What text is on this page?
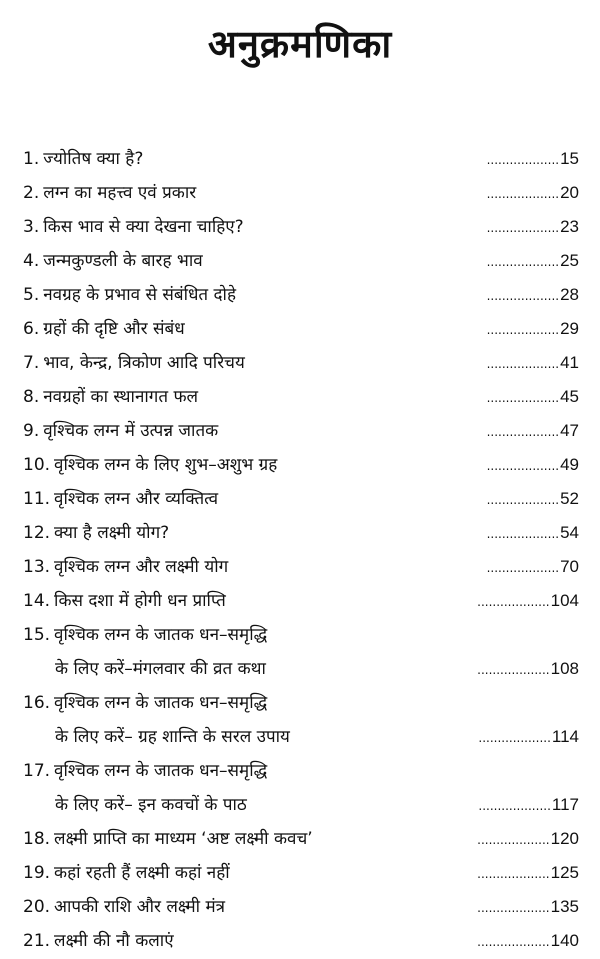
अनुक्रमणिका
1. ज्योतिष क्या है?	...................15
2. लग्न का महत्त्व एवं प्रकार	...................20
3. किस भाव से क्या देखना चाहिए?	...................23
4. जन्मकुण्डली के बारह भाव	...................25
5. नवग्रह के प्रभाव से संबंधित दोहे	...................28
6. ग्रहों की दृष्टि और संबंध	...................29
7. भाव, केन्द्र, त्रिकोण आदि परिचय	...................41
8. नवग्रहों का स्थानागत फल	...................45
9. वृश्चिक लग्न में उत्पन्न जातक	...................47
10. वृश्चिक लग्न के लिए शुभ–अशुभ ग्रह	...................49
11. वृश्चिक लग्न और व्यक्तित्व	...................52
12. क्या है लक्ष्मी योग?	...................54
13. वृश्चिक लग्न और लक्ष्मी योग	...................70
14. किस दशा में होगी धन प्राप्ति	...................104
15. वृश्चिक लग्न के जातक धन–समृद्धि
के लिए करें–मंगलवार की व्रत कथा	...................108
16. वृश्चिक लग्न के जातक धन–समृद्धि
के लिए करें– ग्रह शान्ति के सरल उपाय	...................114
17. वृश्चिक लग्न के जातक धन–समृद्धि
के लिए करें– इन कवचों के पाठ	...................117
18. लक्ष्मी प्राप्ति का माध्यम ‘अष्ट लक्ष्मी कवच’	...................120
19. कहां रहती हैं लक्ष्मी कहां नहीं	...................125
20. आपकी राशि और लक्ष्मी मंत्र	...................135
21. लक्ष्मी की नौ कलाएं	...................140
